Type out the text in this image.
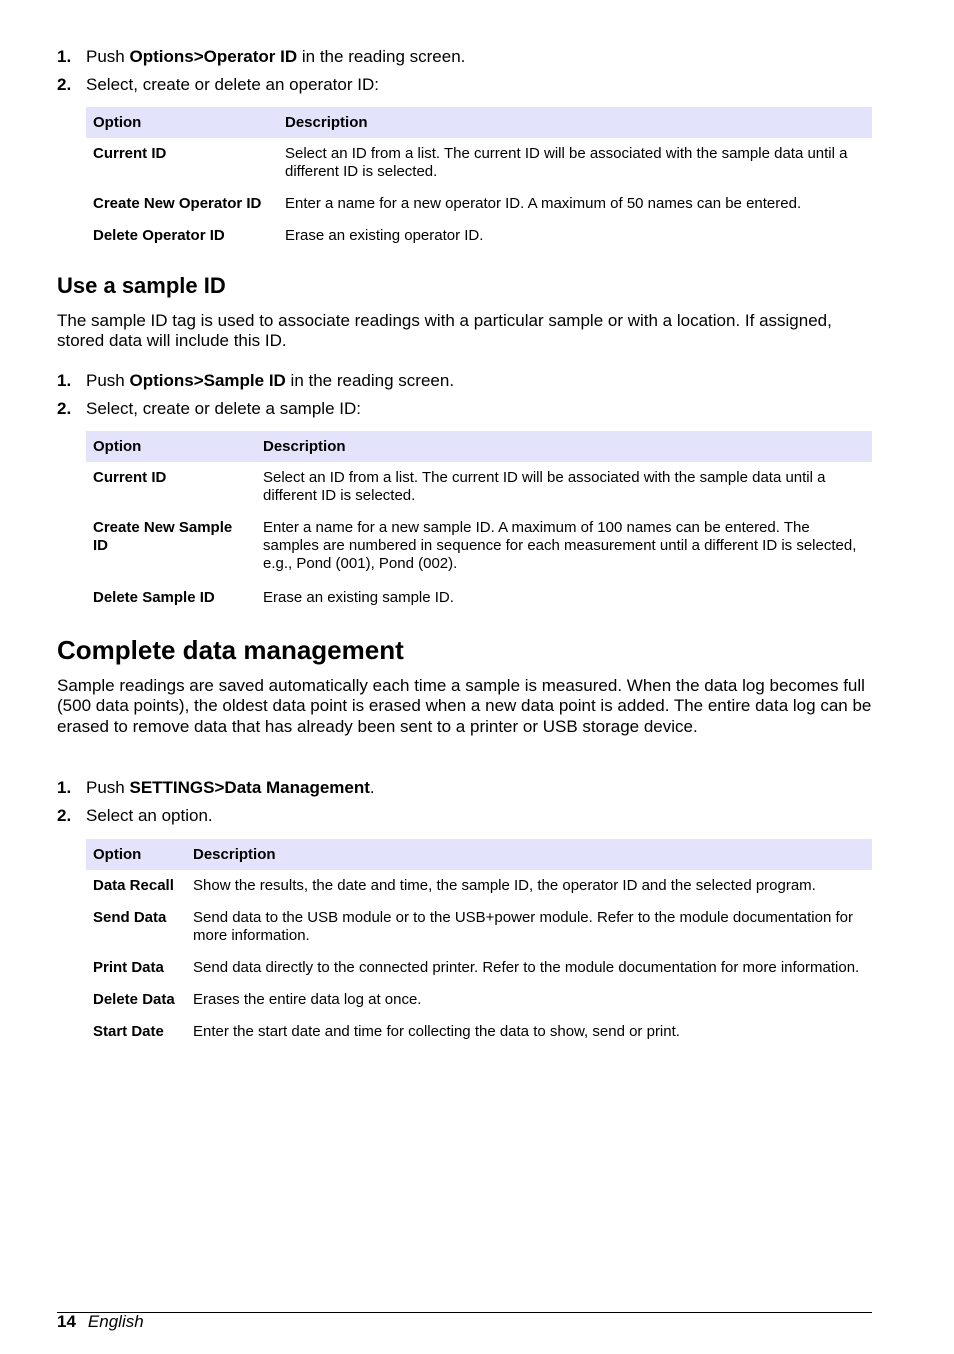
1. Push Options>Operator ID in the reading screen.
2. Select, create or delete an operator ID:
Option	Description
Current ID	Select an ID from a list. The current ID will be associated with the sample data until a different ID is selected.
Create New Operator ID	Enter a name for a new operator ID. A maximum of 50 names can be entered.
Delete Operator ID	Erase an existing operator ID.
Use a sample ID

The sample ID tag is used to associate readings with a particular sample or with a location. If assigned, stored data will include this ID.

1. Push Options>Sample ID in the reading screen.
2. Select, create or delete a sample ID:
Option	Description
Current ID	Select an ID from a list. The current ID will be associated with the sample data until a different ID is selected.
Create New Sample ID	Enter a name for a new sample ID. A maximum of 100 names can be entered. The samples are numbered in sequence for each measurement until a different ID is selected, e.g., Pond (001), Pond (002).
Delete Sample ID	Erase an existing sample ID.
Complete data management

Sample readings are saved automatically each time a sample is measured. When the data log becomes full (500 data points), the oldest data point is erased when a new data point is added. The entire data log can be erased to remove data that has already been sent to a printer or USB storage device.

1. Push SETTINGS>Data Management.
2. Select an option.
Option	Description
Data Recall	Show the results, the date and time, the sample ID, the operator ID and the selected program.
Send Data	Send data to the USB module or to the USB+power module. Refer to the module documentation for more information.
Print Data	Send data directly to the connected printer. Refer to the module documentation for more information.
Delete Data	Erases the entire data log at once.
Start Date	Enter the start date and time for collecting the data to show, send or print.
14 English
